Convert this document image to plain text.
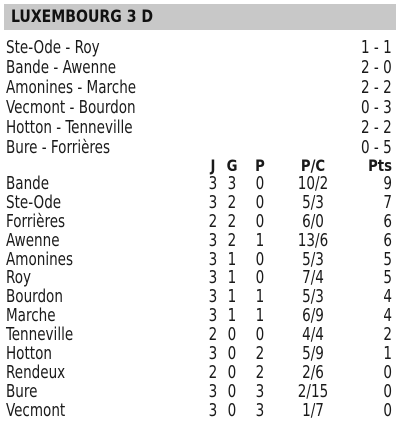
LUXEMBOURG 3 D
Ste-Ode - Roy	1 - 1
Bande - Awenne	2 - 0
Amonines - Marche	2 - 2
Vecmont - Bourdon	0 - 3
Hotton - Tenneville	2 - 2
Bure - Forrières	0 - 5
J G P	P/C	Pts
Bande	3 3 0	10/2	9
Ste-Ode	3 2 0	5/3	7
Forrières	2 2 0	6/0	6
Awenne	3 2 1	13/6	6
Amonines	3 1 0	5/3	5
Roy	3 1 0	7/4	5
Bourdon	3 1 1	5/3	4
Marche	3 1 1	6/9	4
Tenneville	2 0 0	4/4	2
Hotton	3 0 2	5/9	1
Rendeux	2 0 2	2/6	0
Bure	3 0 3	2/15	0
Vecmont	3 0 3	1/7	0
